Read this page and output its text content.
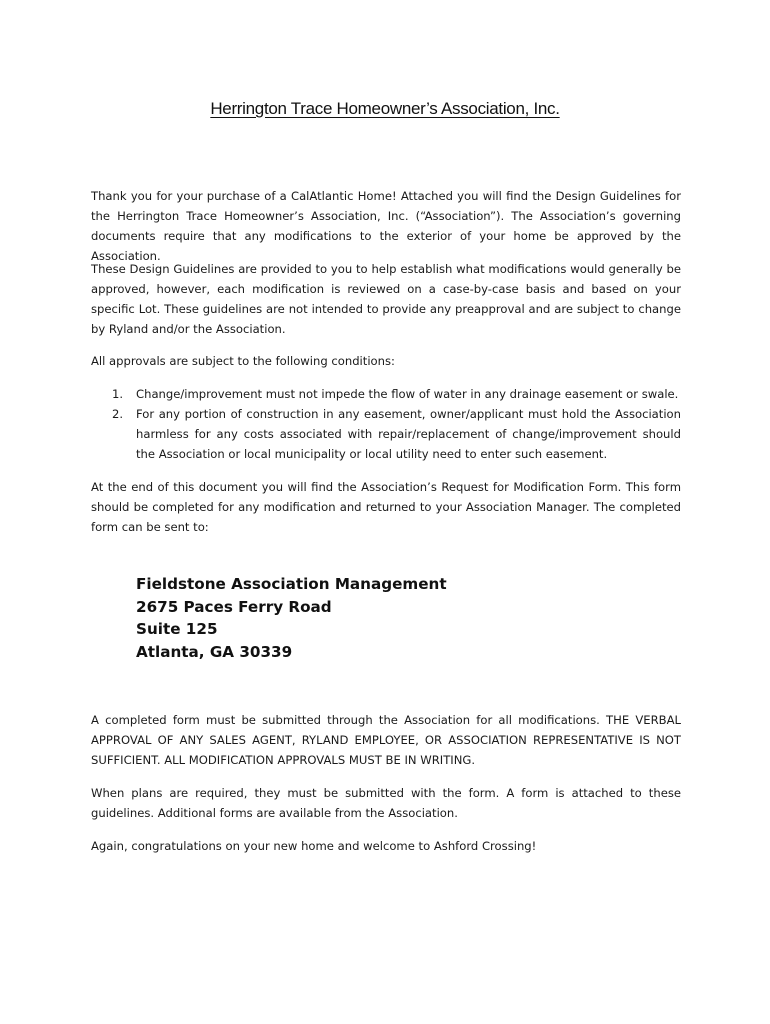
Herrington Trace Homeowner’s Association, Inc.

Thank you for your purchase of a CalAtlantic Home! Attached you will find the Design Guidelines for the Herrington Trace Homeowner’s Association, Inc. (“Association”). The Association’s governing documents require that any modifications to the exterior of your home be approved by the Association.

These Design Guidelines are provided to you to help establish what modifications would generally be approved, however, each modification is reviewed on a case-by-case basis and based on your specific Lot. These guidelines are not intended to provide any preapproval and are subject to change by Ryland and/or the Association.

All approvals are subject to the following conditions:

1. Change/improvement must not impede the flow of water in any drainage easement or swale.
2. For any portion of construction in any easement, owner/applicant must hold the Association harmless for any costs associated with repair/replacement of change/improvement should the Association or local municipality or local utility need to enter such easement.

At the end of this document you will find the Association’s Request for Modification Form. This form should be completed for any modification and returned to your Association Manager. The completed form can be sent to:

Fieldstone Association Management
2675 Paces Ferry Road
Suite 125
Atlanta, GA 30339

A completed form must be submitted through the Association for all modifications. THE VERBAL APPROVAL OF ANY SALES AGENT, RYLAND EMPLOYEE, OR ASSOCIATION REPRESENTATIVE IS NOT SUFFICIENT. ALL MODIFICATION APPROVALS MUST BE IN WRITING.

When plans are required, they must be submitted with the form. A form is attached to these guidelines. Additional forms are available from the Association.

Again, congratulations on your new home and welcome to Ashford Crossing!
